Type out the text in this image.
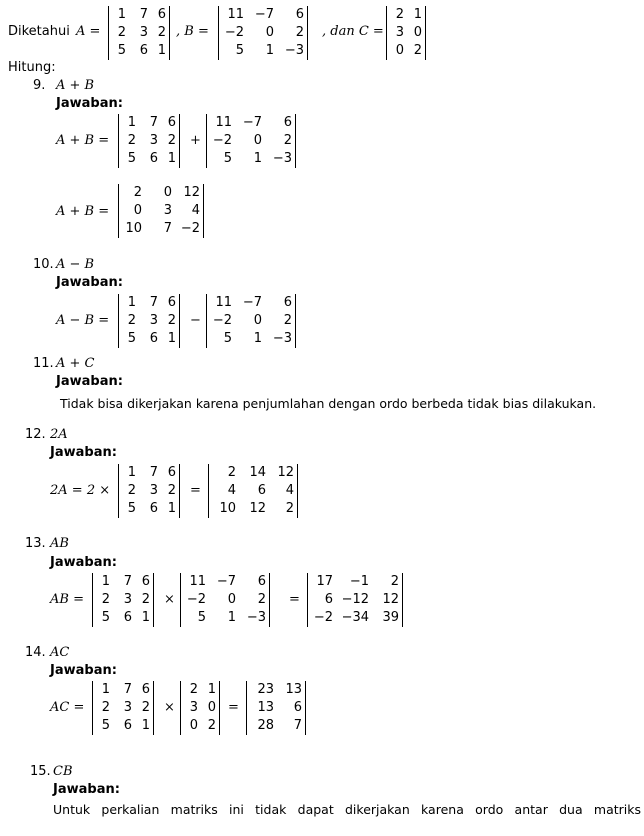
Diketahui A =
1	7 6
2	3 2
5	6 1
, B =
11 −7	6
−2	0	2
5	1 −3
, dan C =
2 1
3 0
0 2
Hitung:
9. A + B
Jawaban:
A + B =
1	7 6
2	3 2
5	6 1
+
11 −7	6
−2	0	2
5	1 −3
A + B =
2	0 12
0	3	4
10	7 −2
10. A − B
Jawaban:
A − B =
1	7 6
2	3 2
5	6 1
−
11 −7	6
−2	0	2
5	1 −3
11. A + C
Jawaban:
Tidak bisa dikerjakan karena penjumlahan dengan ordo berbeda tidak bias dilakukan.
12. 2A
Jawaban:
2A = 2 ×
1	7 6
2	3 2
5	6 1
=
2	14 12
4	6	4
10	12	2
13. AB
Jawaban:
AB =
1	7 6
2	3 2
5	6 1
×
11 −7	6
−2	0	2
5	1 −3
=
17	−1	2
6 −12	12
−2 −34	39
14. AC
Jawaban:
AC =
1	7 6
2	3 2
5	6 1
×
2 1
3 0
0 2
=
23 13
13	6
28	7
15. CB
Jawaban:
Untuk perkalian matriks ini tidak dapat dikerjakan karena ordo antar dua matriks
